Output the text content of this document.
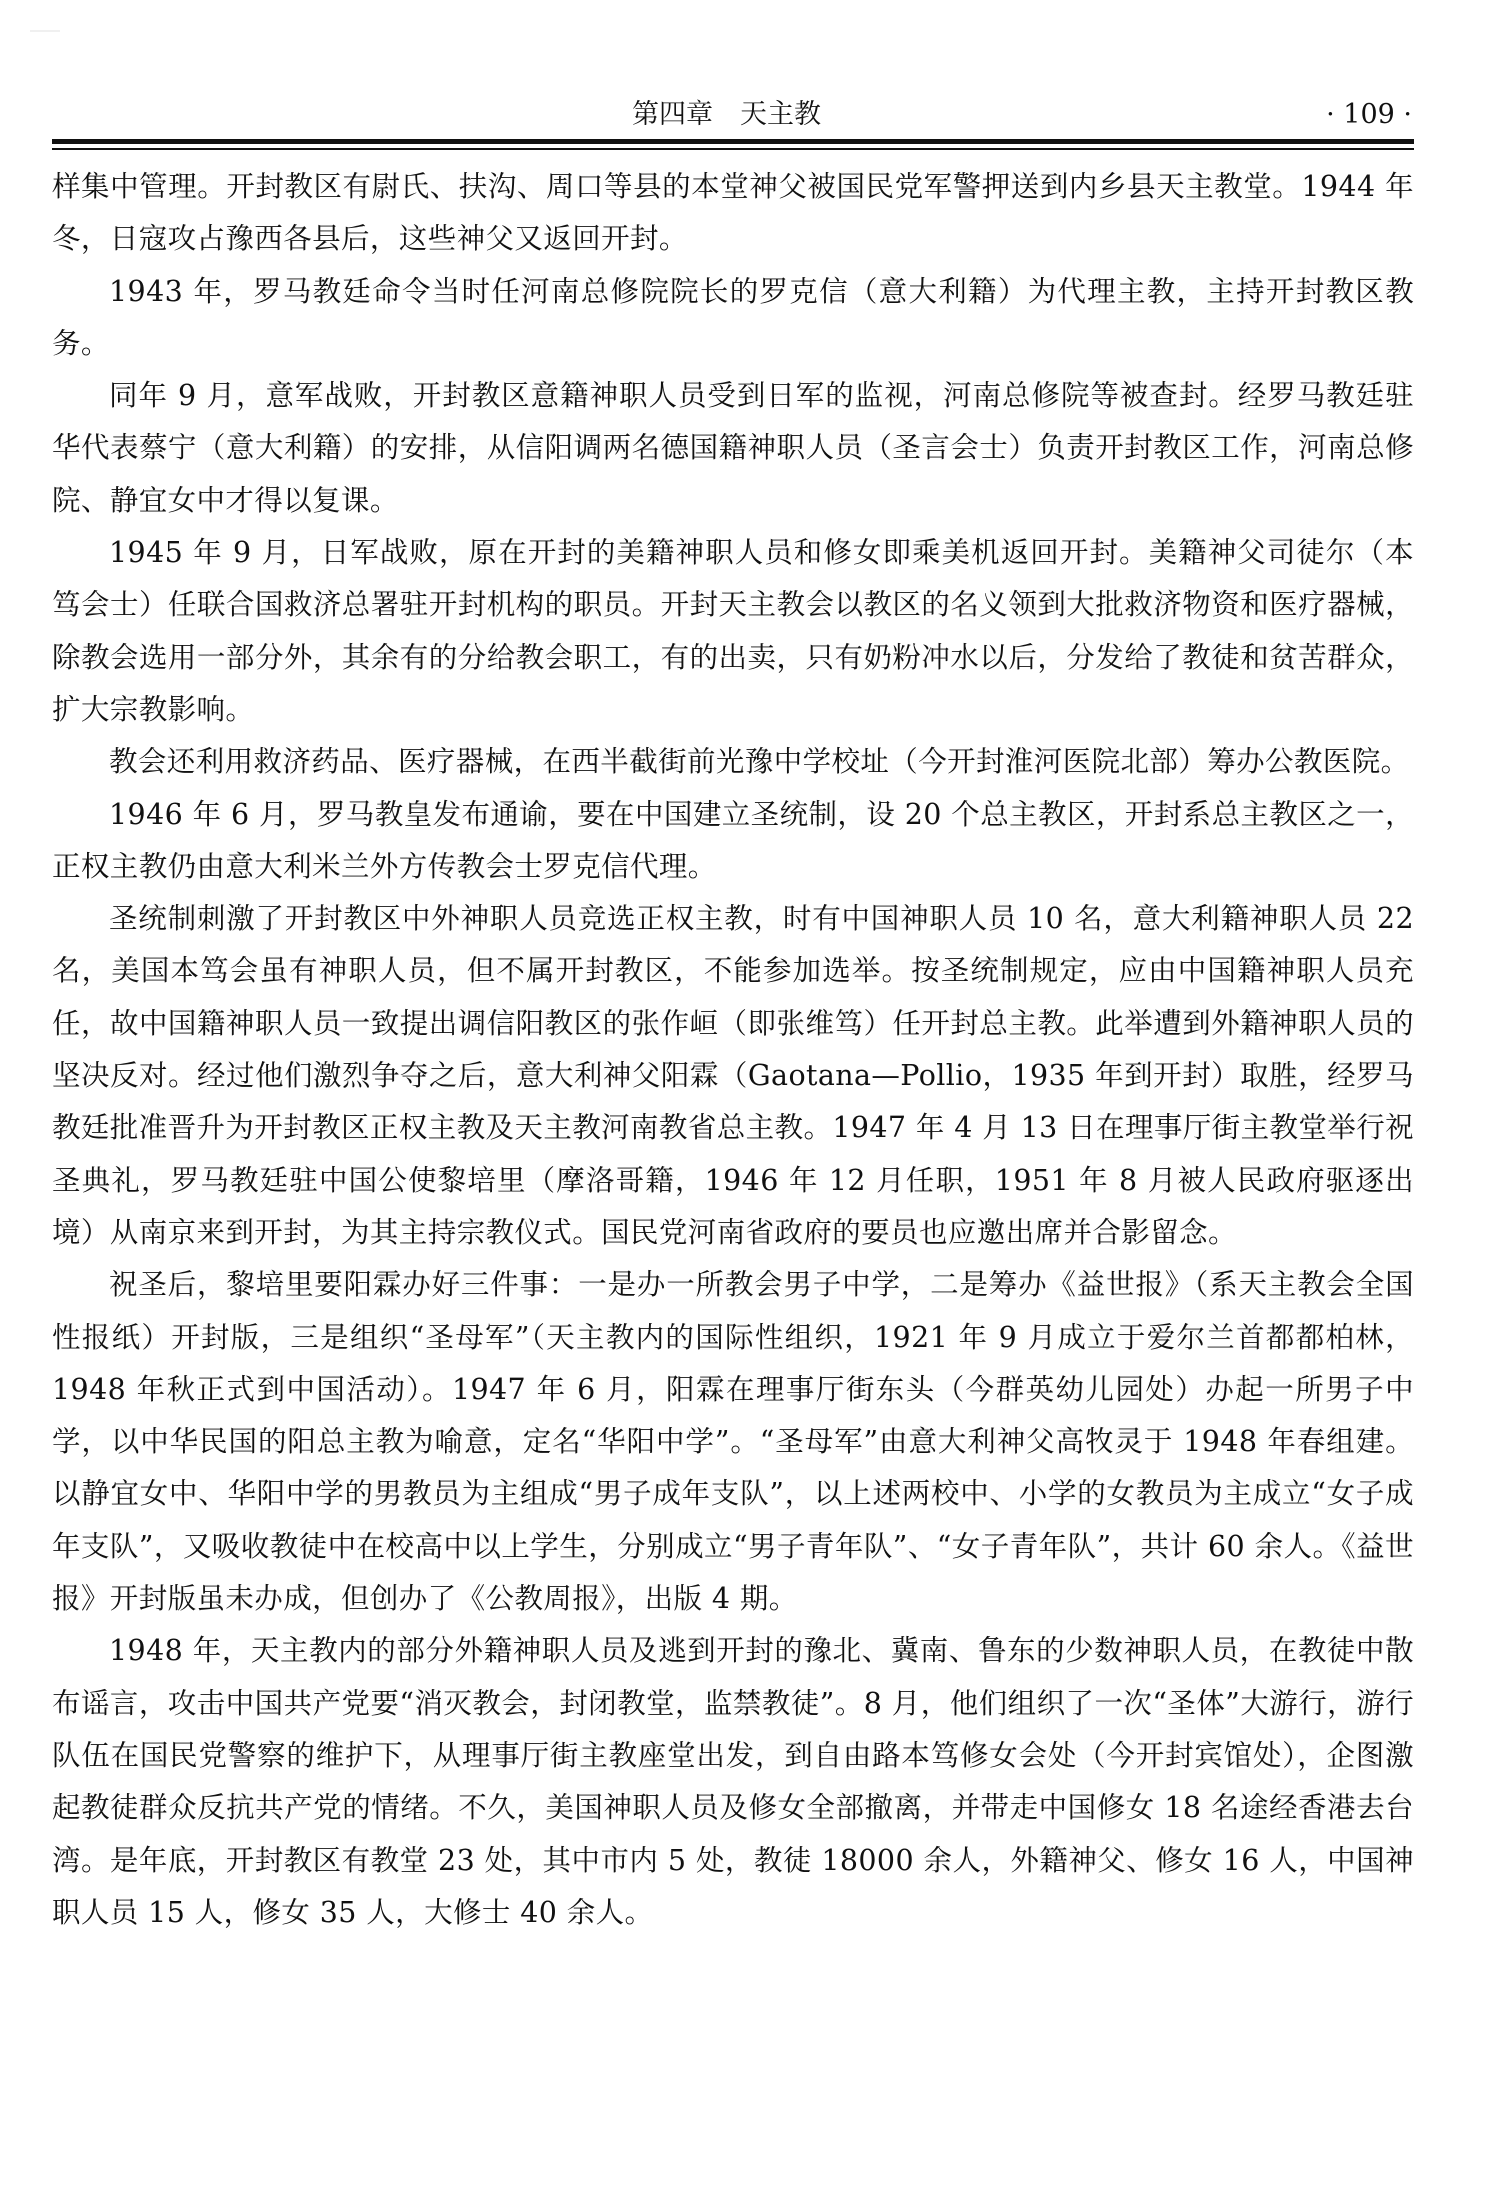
第四章　天主教	· 109 ·

样集中管理。开封教区有尉氏、扶沟、周口等县的本堂神父被国民党军警押送到内乡县天主教堂。1944 年冬，日寇攻占豫西各县后，这些神父又返回开封。

1943 年，罗马教廷命令当时任河南总修院院长的罗克信（意大利籍）为代理主教，主持开封教区教务。

同年 9 月，意军战败，开封教区意籍神职人员受到日军的监视，河南总修院等被查封。经罗马教廷驻华代表蔡宁（意大利籍）的安排，从信阳调两名德国籍神职人员（圣言会士）负责开封教区工作，河南总修院、静宜女中才得以复课。

1945 年 9 月，日军战败，原在开封的美籍神职人员和修女即乘美机返回开封。美籍神父司徒尔（本笃会士）任联合国救济总署驻开封机构的职员。开封天主教会以教区的名义领到大批救济物资和医疗器械，除教会选用一部分外，其余有的分给教会职工，有的出卖，只有奶粉冲水以后，分发给了教徒和贫苦群众，扩大宗教影响。

教会还利用救济药品、医疗器械，在西半截街前光豫中学校址（今开封淮河医院北部）筹办公教医院。

1946 年 6 月，罗马教皇发布通谕，要在中国建立圣统制，设 20 个总主教区，开封系总主教区之一，正权主教仍由意大利米兰外方传教会士罗克信代理。

圣统制刺激了开封教区中外神职人员竞选正权主教，时有中国神职人员 10 名，意大利籍神职人员 22 名，美国本笃会虽有神职人员，但不属开封教区，不能参加选举。按圣统制规定，应由中国籍神职人员充任，故中国籍神职人员一致提出调信阳教区的张作峘（即张维笃）任开封总主教。此举遭到外籍神职人员的坚决反对。经过他们激烈争夺之后，意大利神父阳霖（Gaotana—Pollio，1935 年到开封）取胜，经罗马教廷批准晋升为开封教区正权主教及天主教河南教省总主教。1947 年 4 月 13 日在理事厅街主教堂举行祝圣典礼，罗马教廷驻中国公使黎培里（摩洛哥籍，1946 年 12 月任职，1951 年 8 月被人民政府驱逐出境）从南京来到开封，为其主持宗教仪式。国民党河南省政府的要员也应邀出席并合影留念。

祝圣后，黎培里要阳霖办好三件事：一是办一所教会男子中学，二是筹办《益世报》（系天主教会全国性报纸）开封版，三是组织“圣母军”（天主教内的国际性组织，1921 年 9 月成立于爱尔兰首都都柏林，1948 年秋正式到中国活动）。1947 年 6 月，阳霖在理事厅街东头（今群英幼儿园处）办起一所男子中学，以中华民国的阳总主教为喻意，定名“华阳中学”。“圣母军”由意大利神父高牧灵于 1948 年春组建。以静宜女中、华阳中学的男教员为主组成“男子成年支队”，以上述两校中、小学的女教员为主成立“女子成年支队”，又吸收教徒中在校高中以上学生，分别成立“男子青年队”、“女子青年队”，共计 60 余人。《益世报》开封版虽未办成，但创办了《公教周报》，出版 4 期。

1948 年，天主教内的部分外籍神职人员及逃到开封的豫北、冀南、鲁东的少数神职人员，在教徒中散布谣言，攻击中国共产党要“消灭教会，封闭教堂，监禁教徒”。8 月，他们组织了一次“圣体”大游行，游行队伍在国民党警察的维护下，从理事厅街主教座堂出发，到自由路本笃修女会处（今开封宾馆处），企图激起教徒群众反抗共产党的情绪。不久，美国神职人员及修女全部撤离，并带走中国修女 18 名途经香港去台湾。是年底，开封教区有教堂 23 处，其中市内 5 处，教徒 18000 余人，外籍神父、修女 16 人，中国神职人员 15 人，修女 35 人，大修士 40 余人。
